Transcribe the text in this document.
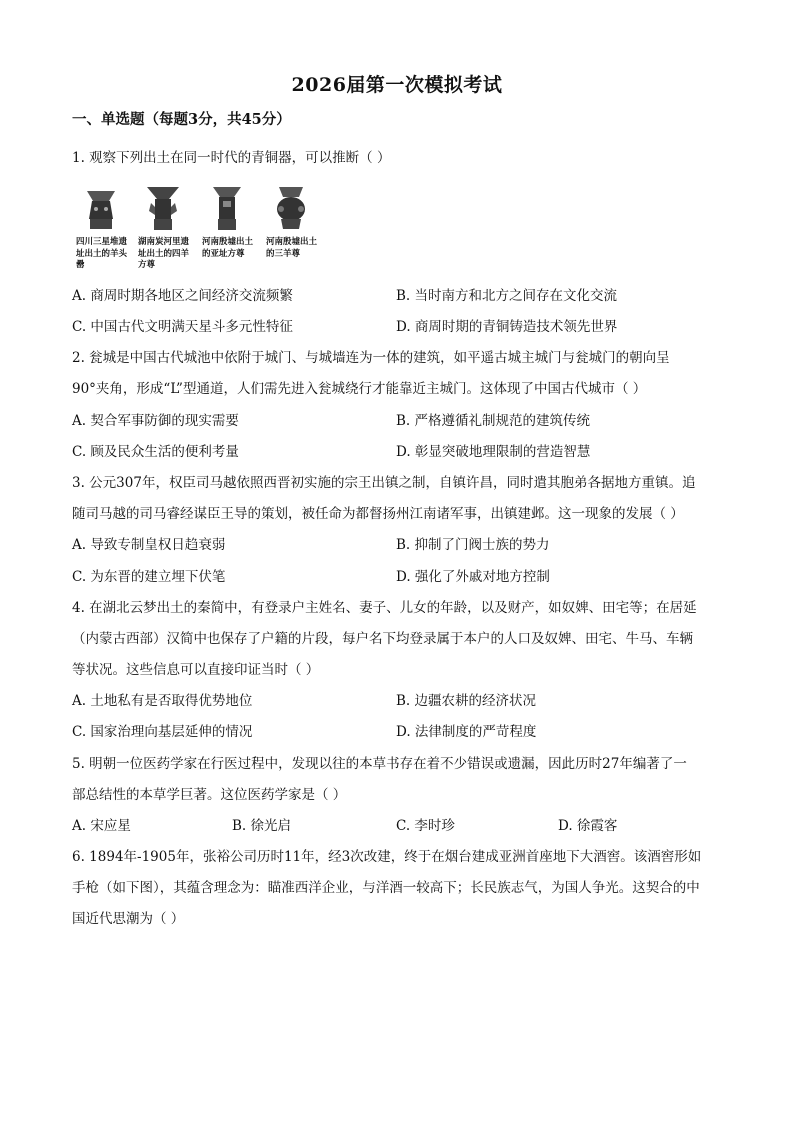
2026届第一次模拟考试
一、单选题（每题3分，共45分）
1. 观察下列出土在同一时代的青铜器，可以推断（ ）
四川三星堆遗址出土的羊头罍
湖南炭河里遗址出土的四羊方尊
河南殷墟出土的亚址方尊
河南殷墟出土的三羊尊
A. 商周时期各地区之间经济交流频繁	B. 当时南方和北方之间存在文化交流
C. 中国古代文明满天星斗多元性特征	D. 商周时期的青铜铸造技术领先世界
2. 瓮城是中国古代城池中依附于城门、与城墙连为一体的建筑，如平遥古城主城门与瓮城门的朝向呈
90°夹角，形成“L”型通道，人们需先进入瓮城绕行才能靠近主城门。这体现了中国古代城市（ ）
A. 契合军事防御的现实需要	B. 严格遵循礼制规范的建筑传统
C. 顾及民众生活的便利考量	D. 彰显突破地理限制的营造智慧
3. 公元307年，权臣司马越依照西晋初实施的宗王出镇之制，自镇许昌，同时遣其胞弟各据地方重镇。追
随司马越的司马睿经谋臣王导的策划，被任命为都督扬州江南诸军事，出镇建邺。这一现象的发展（ ）
A. 导致专制皇权日趋衰弱	B. 抑制了门阀士族的势力
C. 为东晋的建立埋下伏笔	D. 强化了外戚对地方控制
4. 在湖北云梦出土的秦简中，有登录户主姓名、妻子、儿女的年龄，以及财产，如奴婢、田宅等；在居延
（内蒙古西部）汉简中也保存了户籍的片段，每户名下均登录属于本户的人口及奴婢、田宅、牛马、车辆
等状况。这些信息可以直接印证当时（ ）
A. 土地私有是否取得优势地位	B. 边疆农耕的经济状况
C. 国家治理向基层延伸的情况	D. 法律制度的严苛程度
5. 明朝一位医药学家在行医过程中，发现以往的本草书存在着不少错误或遗漏，因此历时27年编著了一
部总结性的本草学巨著。这位医药学家是（ ）
A. 宋应星	B. 徐光启	C. 李时珍	D. 徐霞客
6. 1894年-1905年，张裕公司历时11年，经3次改建，终于在烟台建成亚洲首座地下大酒窖。该酒窖形如
手枪（如下图），其蕴含理念为：瞄准西洋企业，与洋酒一较高下；长民族志气，为国人争光。这契合的中
国近代思潮为（ ）
